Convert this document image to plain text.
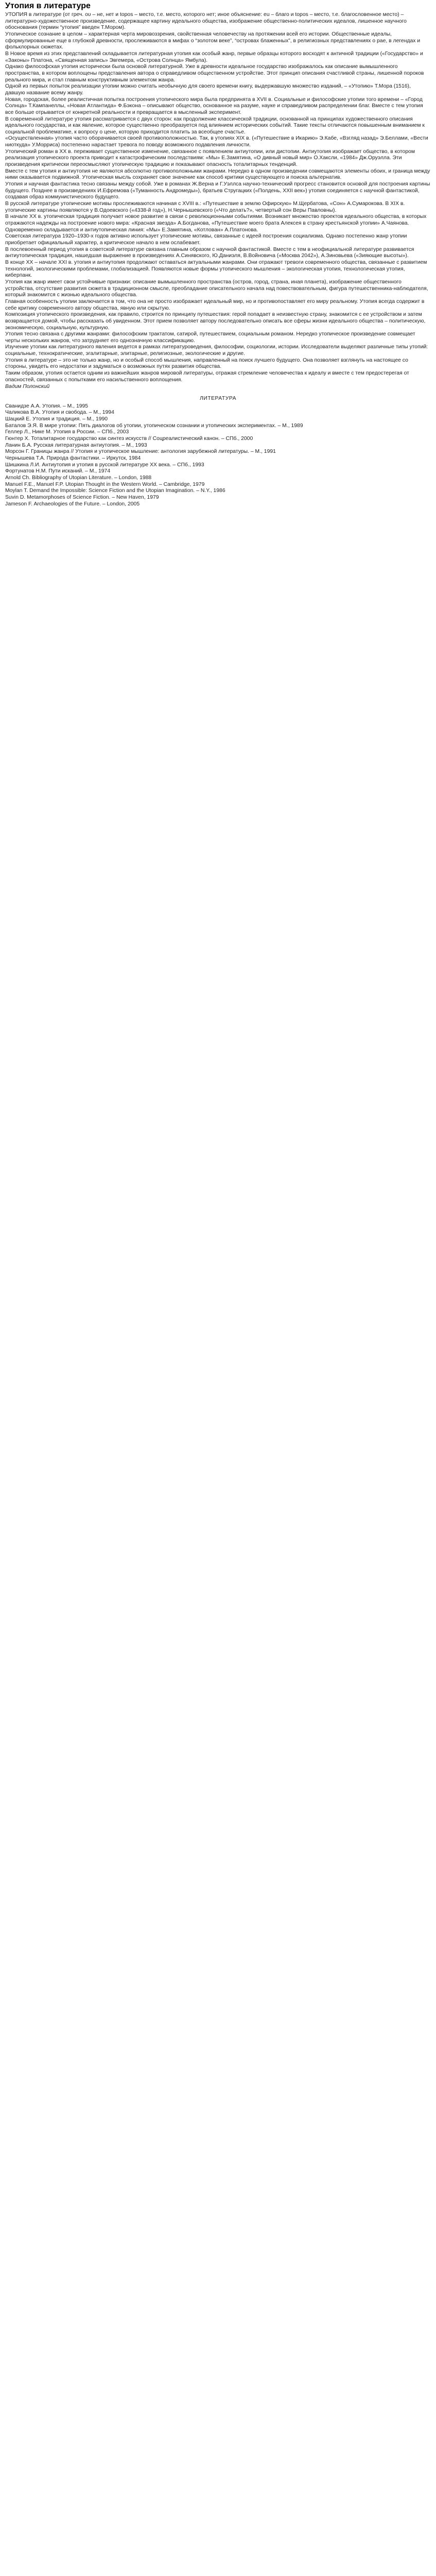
Утопия в литературе

УТОПИЯ в литературе (от греч. ου – не, нет и topos – место, т.е. место, которого нет; иное объяснение: eu – благо и topos – место, т.е. благословенное место) – литературно-художественное произведение, содержащее картину идеального общества, изображение общественно-политических идеалов, лишенное научного обоснования (термин “утопия” введен Т.Мором).

Утопическое сознание в целом – характерная черта мировоззрения, свойственная человечеству на протяжении всей его истории. Общественные идеалы, сформулированные еще в глубокой древности, прослеживаются в мифах о “золотом веке”, “островах блаженных”, в религиозных представлениях о рае, в легендах и фольклорных сюжетах.

В Новое время из этих представлений складывается литературная утопия как особый жанр, первые образцы которого восходят к античной традиции («Государство» и «Законы» Платона, «Священная запись» Эвгемера, «Острова Солнца» Ямбула).

Однако философская утопия исторически была основой литературной. Уже в древности идеальное государство изображалось как описание вымышленного пространства, в котором воплощены представления автора о справедливом общественном устройстве. Этот принцип описания счастливой страны, лишенной пороков реального мира, и стал главным конструктивным элементом жанра.

Одной из первых попыток реализации утопии можно считать необычную для своего времени книгу, выдержавшую множество изданий, – «Утопию» Т.Мора (1516), давшую название всему жанру.

Новая, городская, более реалистичная попытка построения утопического мира была предпринята в XVII в. Социальные и философские утопии того времени – «Город Солнца» Т.Кампанеллы, «Новая Атлантида» Ф.Бэкона – описывают общество, основанное на разуме, науке и справедливом распределении благ. Вместе с тем утопия все больше отрывается от конкретной реальности и превращается в мысленный эксперимент.

В современной литературе утопия рассматривается с двух сторон: как продолжение классической традиции, основанной на принципах художественного описания идеального государства, и как явление, которое существенно преобразуется под влиянием исторических событий. Такие тексты отличаются повышенным вниманием к социальной проблематике, к вопросу о цене, которую приходится платить за всеобщее счастье.

«Осуществленная» утопия часто оборачивается своей противоположностью. Так, в утопиях XIX в. («Путешествие в Икарию» Э.Кабе, «Взгляд назад» Э.Беллами, «Вести ниоткуда» У.Морриса) постепенно нарастает тревога по поводу возможного подавления личности.

Утопический роман в XX в. переживает существенное изменение, связанное с появлением антиутопии, или дистопии. Антиутопия изображает общество, в котором реализация утопического проекта приводит к катастрофическим последствиям: «Мы» Е.Замятина, «О дивный новый мир» О.Хаксли, «1984» Дж.Оруэлла. Эти произведения критически переосмысляют утопическую традицию и показывают опасность тоталитарных тенденций.

Вместе с тем утопия и антиутопия не являются абсолютно противоположными жанрами. Нередко в одном произведении совмещаются элементы обоих, и граница между ними оказывается подвижной. Утопическая мысль сохраняет свое значение как способ критики существующего и поиска альтернатив.

Утопия и научная фантастика тесно связаны между собой. Уже в романах Ж.Верна и Г.Уэллса научно-технический прогресс становится основой для построения картины будущего. Позднее в произведениях И.Ефремова («Туманность Андромеды»), братьев Стругацких («Полдень, XXII век») утопия соединяется с научной фантастикой, создавая образ коммунистического будущего.

В русской литературе утопические мотивы прослеживаются начиная с XVIII в.: «Путешествие в землю Офирскую» М.Щербатова, «Сон» А.Сумарокова. В XIX в. утопические картины появляются у В.Одоевского («4338-й год»), Н.Чернышевского («Что делать?», четвертый сон Веры Павловны).

В начале XX в. утопическая традиция получает новое развитие в связи с революционными событиями. Возникает множество проектов идеального общества, в которых отражаются надежды на построение нового мира: «Красная звезда» А.Богданова, «Путешествие моего брата Алексея в страну крестьянской утопии» А.Чаянова. Одновременно складывается и антиутопическая линия: «Мы» Е.Замятина, «Котлован» А.Платонова.

Советская литература 1920–1930-х годов активно использует утопические мотивы, связанные с идеей построения социализма. Однако постепенно жанр утопии приобретает официальный характер, а критическое начало в нем ослабевает.

В послевоенный период утопия в советской литературе связана главным образом с научной фантастикой. Вместе с тем в неофициальной литературе развивается антиутопическая традиция, нашедшая выражение в произведениях А.Синявского, Ю.Даниэля, В.Войновича («Москва 2042»), А.Зиновьева («Зияющие высоты»).

В конце XX – начале XXI в. утопия и антиутопия продолжают оставаться актуальными жанрами. Они отражают тревоги современного общества, связанные с развитием технологий, экологическими проблемами, глобализацией. Появляются новые формы утопического мышления – экологическая утопия, технологическая утопия, киберпанк.

Утопия как жанр имеет свои устойчивые признаки: описание вымышленного пространства (остров, город, страна, иная планета), изображение общественного устройства, отсутствие развития сюжета в традиционном смысле, преобладание описательного начала над повествовательным, фигура путешественника-наблюдателя, который знакомится с жизнью идеального общества.

Главная особенность утопии заключается в том, что она не просто изображает идеальный мир, но и противопоставляет его миру реальному. Утопия всегда содержит в себе критику современного автору общества, явную или скрытую.

Композиция утопического произведения, как правило, строится по принципу путешествия: герой попадает в неизвестную страну, знакомится с ее устройством и затем возвращается домой, чтобы рассказать об увиденном. Этот прием позволяет автору последовательно описать все сферы жизни идеального общества – политическую, экономическую, социальную, культурную.

Утопия тесно связана с другими жанрами: философским трактатом, сатирой, путешествием, социальным романом. Нередко утопическое произведение совмещает черты нескольких жанров, что затрудняет его однозначную классификацию.

Изучение утопии как литературного явления ведется в рамках литературоведения, философии, социологии, истории. Исследователи выделяют различные типы утопий: социальные, технократические, эгалитарные, элитарные, религиозные, экологические и другие.

Утопия в литературе – это не только жанр, но и особый способ мышления, направленный на поиск лучшего будущего. Она позволяет взглянуть на настоящее со стороны, увидеть его недостатки и задуматься о возможных путях развития общества.

Таким образом, утопия остается одним из важнейших жанров мировой литературы, отражая стремление человечества к идеалу и вместе с тем предостерегая от опасностей, связанных с попытками его насильственного воплощения.

Вадим Полонский

ЛИТЕРАТУРА

Сванидзе А.А. Утопия. – М., 1995

Чаликова В.А. Утопия и свобода. – М., 1994

Шацкий Е. Утопия и традиция. – М., 1990

Баталов Э.Я. В мире утопии: Пять диалогов об утопии, утопическом сознании и утопических экспериментах. – М., 1989

Геллер Л., Нике М. Утопия в России. – СПб., 2003

Гюнтер Х. Тоталитарное государство как синтез искусств // Соцреалистический канон. – СПб., 2000

Ланин Б.А. Русская литературная антиутопия. – М., 1993

Морсон Г. Границы жанра // Утопия и утопическое мышление: антология зарубежной литературы. – М., 1991

Чернышева Т.А. Природа фантастики. – Иркутск, 1984

Шишкина Л.И. Антиутопия и утопия в русской литературе XX века. – СПб., 1993

Фортунатов Н.М. Пути исканий. – М., 1974

Arnold Ch. Bibliography of Utopian Literature. – London, 1988

Manuel F.E., Manuel F.P. Utopian Thought in the Western World. – Cambridge, 1979

Moylan T. Demand the Impossible: Science Fiction and the Utopian Imagination. – N.Y., 1986

Suvin D. Metamorphoses of Science Fiction. – New Haven, 1979

Jameson F. Archaeologies of the Future. – London, 2005
